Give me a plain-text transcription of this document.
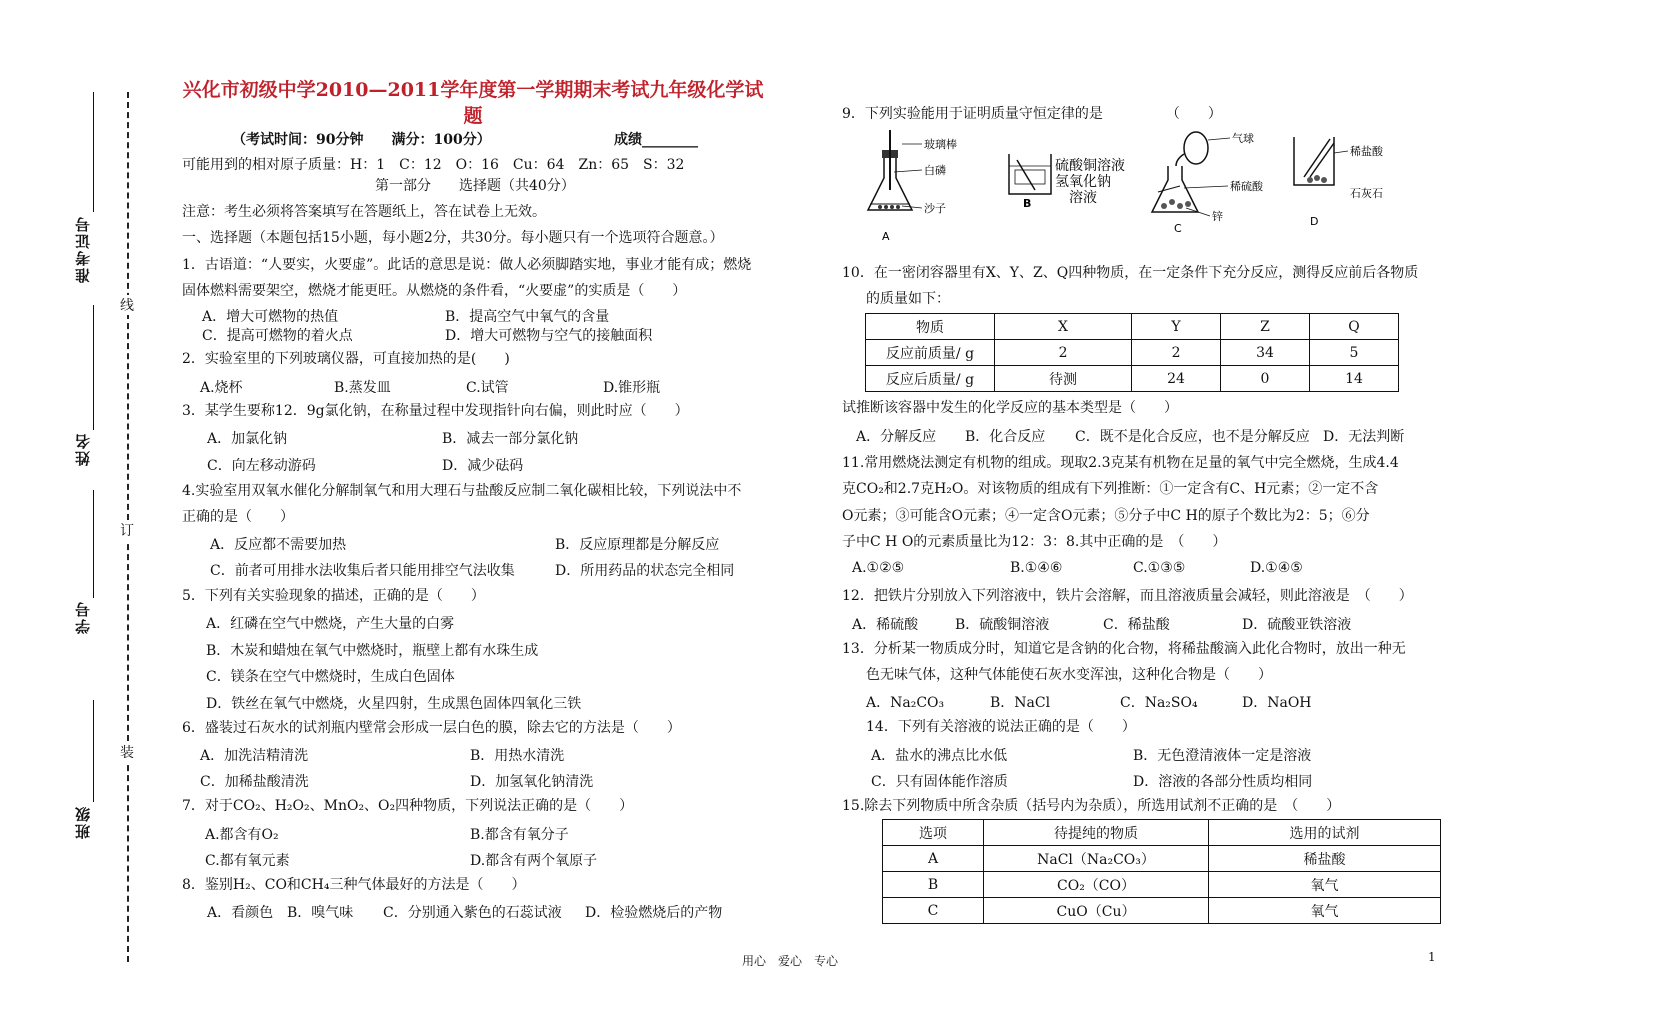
准考证号
姓名
学号
班级
线
订
装
兴化市初级中学2010—2011学年度第一学期期末考试九年级化学试题
（考试时间：90分钟　　满分：100分）	成绩________
可能用到的相对原子质量：H：1　C：12　O：16　Cu：64　Zn：65　S：32
第一部分　　选择题（共40分）
注意：考生必须将答案填写在答题纸上，答在试卷上无效。
一、选择题（本题包括15小题，每小题2分，共30分。每小题只有一个选项符合题意。）
1．古语道：“人要实，火要虚”。此话的意思是说：做人必须脚踏实地，事业才能有成；燃烧
固体燃料需要架空，燃烧才能更旺。从燃烧的条件看，“火要虚”的实质是（　　）
A．增大可燃物的热值	B．提高空气中氧气的含量
C．提高可燃物的着火点	D．增大可燃物与空气的接触面积
2．实验室里的下列玻璃仪器，可直接加热的是(　　)
A.烧杯	B.蒸发皿	C.试管	D.锥形瓶
3．某学生要称12．9g氯化钠，在称量过程中发现指针向右偏，则此时应（　　）
A．加氯化钠	B．减去一部分氯化钠
C．向左移动游码	D．减少砝码
4.实验室用双氧水催化分解制氧气和用大理石与盐酸反应制二氧化碳相比较，下列说法中不
正确的是（　　）
A．反应都不需要加热	B．反应原理都是分解反应
C．前者可用排水法收集后者只能用排空气法收集	D．所用药品的状态完全相同
5．下列有关实验现象的描述，正确的是（　　）
A．红磷在空气中燃烧，产生大量的白雾
B．木炭和蜡烛在氧气中燃烧时，瓶壁上都有水珠生成
C．镁条在空气中燃烧时，生成白色固体
D．铁丝在氧气中燃烧，火星四射，生成黑色固体四氧化三铁
6．盛装过石灰水的试剂瓶内壁常会形成一层白色的膜，除去它的方法是（　　）
A．加洗洁精清洗	B．用热水清洗
C．加稀盐酸清洗	D．加氢氧化钠清洗
7．对于CO₂、H₂O₂、MnO₂、O₂四种物质，下列说法正确的是（　　）
A.都含有O₂	B.都含有氧分子
C.都有氧元素	D.都含有两个氧原子
8．鉴别H₂、CO和CH₄三种气体最好的方法是（　　）
A．看颜色 B．嗅气味 C．分别通入紫色的石蕊试液 D．检验燃烧后的产物
9．下列实验能用于证明质量守恒定律的是　　　　　（　　）
玻璃棒
白磷
沙子
A
B
硫酸铜溶液
氢氧化钠
溶液
气球
稀硫酸
锌
C
稀盐酸
石灰石
D
10．在一密闭容器里有X、Y、Z、Q四种物质，在一定条件下充分反应，测得反应前后各物质
的质量如下：
物质	X	Y	Z	Q
反应前质量/ g	2	2	34	5
反应后质量/ g	待测	24	0	14
试推断该容器中发生的化学反应的基本类型是（　　）
A．分解反应 B．化合反应 C．既不是化合反应，也不是分解反应 D．无法判断
11.常用燃烧法测定有机物的组成。现取2.3克某有机物在足量的氧气中完全燃烧，生成4.4
克CO₂和2.7克H₂O。对该物质的组成有下列推断：①一定含有C、H元素；②一定不含
O元素；③可能含O元素；④一定含O元素；⑤分子中C H的原子个数比为2：5；⑥分
子中C H O的元素质量比为12：3：8.其中正确的是　（　　）
A.①②⑤	B.①④⑥	C.①③⑤	D.①④⑤
12．把铁片分别放入下列溶液中，铁片会溶解，而且溶液质量会减轻，则此溶液是　（　　）
A．稀硫酸	B．硫酸铜溶液	C．稀盐酸	D．硫酸亚铁溶液
13．分析某一物质成分时，知道它是含钠的化合物，将稀盐酸滴入此化合物时，放出一种无
色无味气体，这种气体能使石灰水变浑浊，这种化合物是（　　）
A．Na₂CO₃	B．NaCl	C．Na₂SO₄	D．NaOH
14．下列有关溶液的说法正确的是（　　）
A．盐水的沸点比水低	B．无色澄清液体一定是溶液
C．只有固体能作溶质	D．溶液的各部分性质均相同
15.除去下列物质中所含杂质（括号内为杂质），所选用试剂不正确的是　（　　）
选项	待提纯的物质	选用的试剂
A	NaCl（Na₂CO₃）	稀盐酸
B	CO₂（CO）	氧气
C	CuO（Cu）	氧气
用心　爱心　专心	1
